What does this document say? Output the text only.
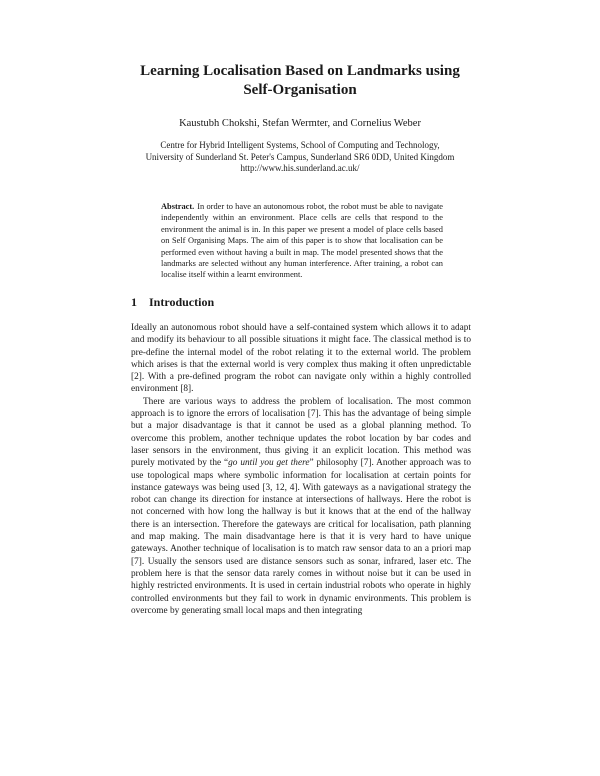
Learning Localisation Based on Landmarks using
Self-Organisation
Kaustubh Chokshi, Stefan Wermter, and Cornelius Weber
Centre for Hybrid Intelligent Systems, School of Computing and Technology,
University of Sunderland St. Peter's Campus, Sunderland SR6 0DD, United Kingdom
http://www.his.sunderland.ac.uk/
Abstract. In order to have an autonomous robot, the robot must be able to navigate independently within an environment. Place cells are cells that respond to the environment the animal is in. In this paper we present a model of place cells based on Self Organising Maps. The aim of this paper is to show that localisation can be performed even without having a built in map. The model presented shows that the landmarks are selected without any human interference. After training, a robot can localise itself within a learnt environment.
1 Introduction

Ideally an autonomous robot should have a self-contained system which allows it to adapt and modify its behaviour to all possible situations it might face. The classical method is to pre-define the internal model of the robot relating it to the external world. The problem which arises is that the external world is very complex thus making it often unpredictable [2]. With a pre-defined program the robot can navigate only within a highly controlled environment [8].

There are various ways to address the problem of localisation. The most common approach is to ignore the errors of localisation [7]. This has the advantage of being simple but a major disadvantage is that it cannot be used as a global planning method. To overcome this problem, another technique updates the robot location by bar codes and laser sensors in the environment, thus giving it an explicit location. This method was purely motivated by the “go until you get there” philosophy [7]. Another approach was to use topological maps where symbolic information for localisation at certain points for instance gateways was being used [3, 12, 4]. With gateways as a navigational strategy the robot can change its direction for instance at intersections of hallways. Here the robot is not concerned with how long the hallway is but it knows that at the end of the hallway there is an intersection. Therefore the gateways are critical for localisation, path planning and map making. The main disadvantage here is that it is very hard to have unique gateways. Another technique of localisation is to match raw sensor data to an a priori map [7]. Usually the sensors used are distance sensors such as sonar, infrared, laser etc. The problem here is that the sensor data rarely comes in without noise but it can be used in highly restricted environments. It is used in certain industrial robots who operate in highly controlled environments but they fail to work in dynamic environments. This problem is overcome by generating small local maps and then integrating
